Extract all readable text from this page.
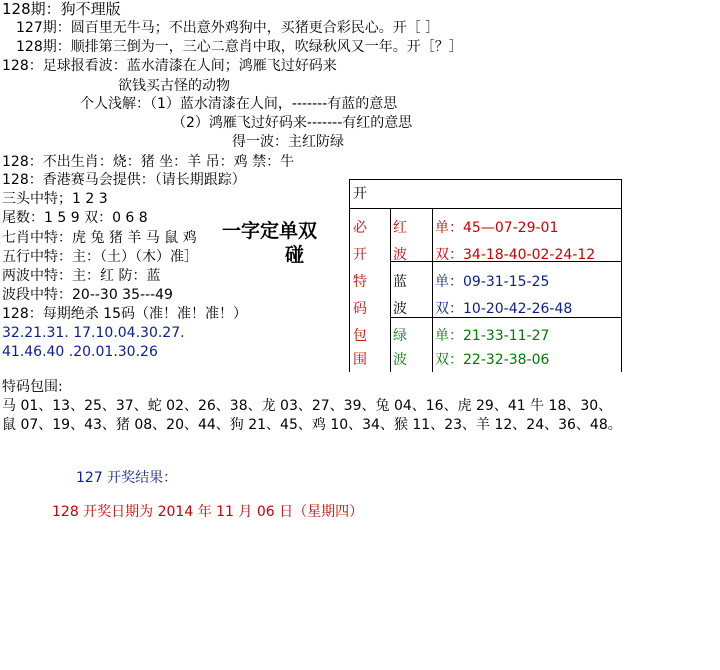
128期：狗不理版
127期：圆百里无牛马；不出意外鸡狗中，买猪更合彩民心。开［ ］
128期：顺排第三倒为一，三心二意肖中取，吹绿秋风又一年。开［？］
128：足球报看波：蓝水清漆在人间；鸿雁飞过好码来
欲钱买古怪的动物
个人浅解：（1）蓝水清漆在人间，-------有蓝的意思
（2）鸿雁飞过好码来-------有红的意思
得一波：主红防绿
128：不出生肖：烧：猪 坐：羊 吊：鸡 禁：牛
128：香港赛马会提供：（请长期跟踪）
三头中特；1 2 3
尾数：1 5 9 双：0 6 8
七肖中特：虎 兔 猪 羊 马 鼠 鸡
五行中特：主：（土）（木）准］
两波中特：主：红 防：蓝
波段中特：20--30 35---49
128：每期绝杀 15码（准！准！准！）
32.21.31. 17.10.04.30.27.
41.46.40 .20.01.30.26
一字定单双
碰
开
必
开
特
码
包
围
红
波
单：45—07-29-01
双：34-18-40-02-24-12
蓝
波
单：09-31-15-25
双：10-20-42-26-48
绿
波
单：21-33-11-27
双：22-32-38-06
特码包围:
马 01、13、25、37、蛇 02、26、38、龙 03、27、39、兔 04、16、虎 29、41 牛 18、30、
鼠 07、19、43、猪 08、20、44、狗 21、45、鸡 10、34、猴 11、23、羊 12、24、36、48。
127 开奖结果：
128 开奖日期为 2014 年 11 月 06 日（星期四）
